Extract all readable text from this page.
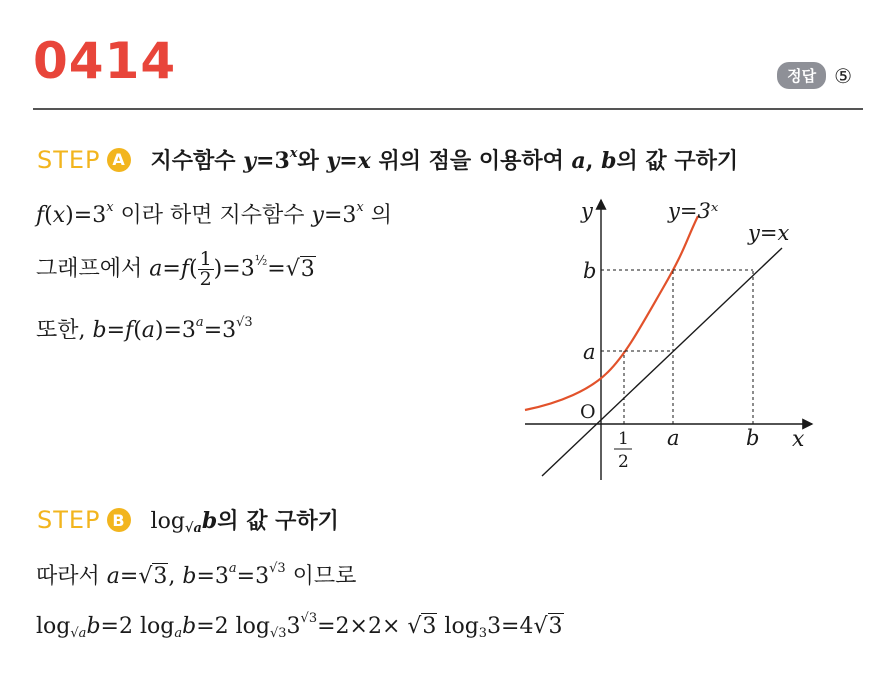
0414	정답 ⑤
STEP A 지수함수 $y=3^x$와 y=x 위의 점을 이용하여 a, b의 값 구하기
$f(x)=3^x$ 이라 하면 지수함수 $y=3^x$ 의
그래프에서 $a=f( \frac{1}{2} )=3^{\frac{1}{2}}=√3$
또한, $b=f(a)=3^a=3^{√3}$
y=3ˣ
y=x
y
x
O
b
a
1
2
a	b
STEP B $\log_{√a}b$의 값 구하기
따라서 a=√3, $b=3^a=3^{√3}$ 이므로
$\log_{√a}b=2$ $\log_ab=2$ $\log_{√3}3^{√3}=2\times 2\times √3$ $\log_33=4√3$
